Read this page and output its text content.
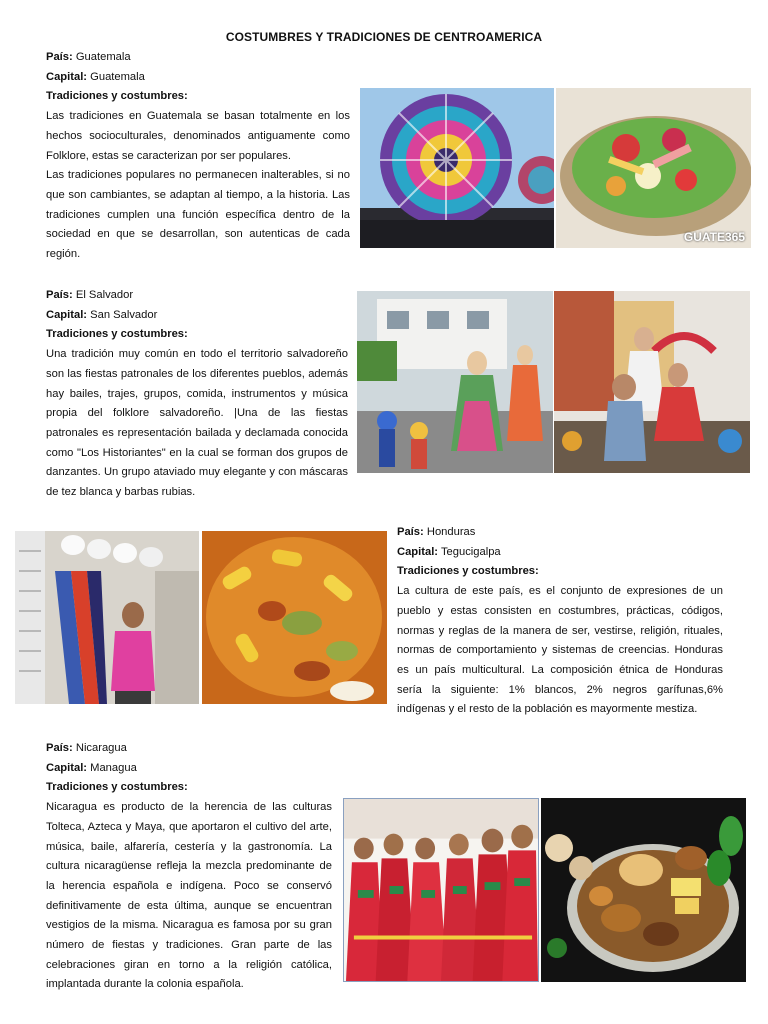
COSTUMBRES Y TRADICIONES DE CENTROAMERICA
País: Guatemala
Capital: Guatemala
Tradiciones y costumbres:
Las tradiciones en Guatemala se basan totalmente en los hechos socioculturales, denominados antiguamente como Folklore, estas se caracterizan por ser populares.
Las tradiciones populares no permanecen inalterables, si no que son cambiantes, se adaptan al tiempo, a la historia. Las tradiciones cumplen una función específica dentro de la sociedad en que se desarrollan, son autenticas de cada región.
GUATE365
País: El Salvador
Capital: San Salvador
Tradiciones y costumbres:
Una tradición muy común en todo el territorio salvadoreño son las fiestas patronales de los diferentes pueblos, además hay bailes, trajes, grupos, comida, instrumentos y música propia del folklore salvadoreño. |Una de las fiestas patronales es representación bailada y declamada conocida como "Los Historiantes" en la cual se forman dos grupos de danzantes. Un grupo ataviado muy elegante y con máscaras de tez blanca y barbas rubias.
País: Honduras
Capital: Tegucigalpa
Tradiciones y costumbres:
La cultura de este país, es el conjunto de expresiones de un pueblo y estas consisten en costumbres, prácticas, códigos, normas y reglas de la manera de ser, vestirse, religión, rituales, normas de comportamiento y sistemas de creencias. Honduras es un país multicultural. La composición étnica de Honduras sería la siguiente: 1% blancos, 2% negros garífunas,6% indígenas y el resto de la población es mayormente mestiza.
País: Nicaragua
Capital: Managua
Tradiciones y costumbres:
Nicaragua es producto de la herencia de las culturas Tolteca, Azteca y Maya, que aportaron el cultivo del arte, música, baile, alfarería, cestería y la gastronomía. La cultura nicaragüense refleja la mezcla predominante de la herencia española e indígena. Poco se conservó definitivamente de esta última, aunque se encuentran vestigios de la misma. Nicaragua es famosa por su gran número de fiestas y tradiciones. Gran parte de las celebraciones giran en torno a la religión católica, implantada durante la colonia española.
